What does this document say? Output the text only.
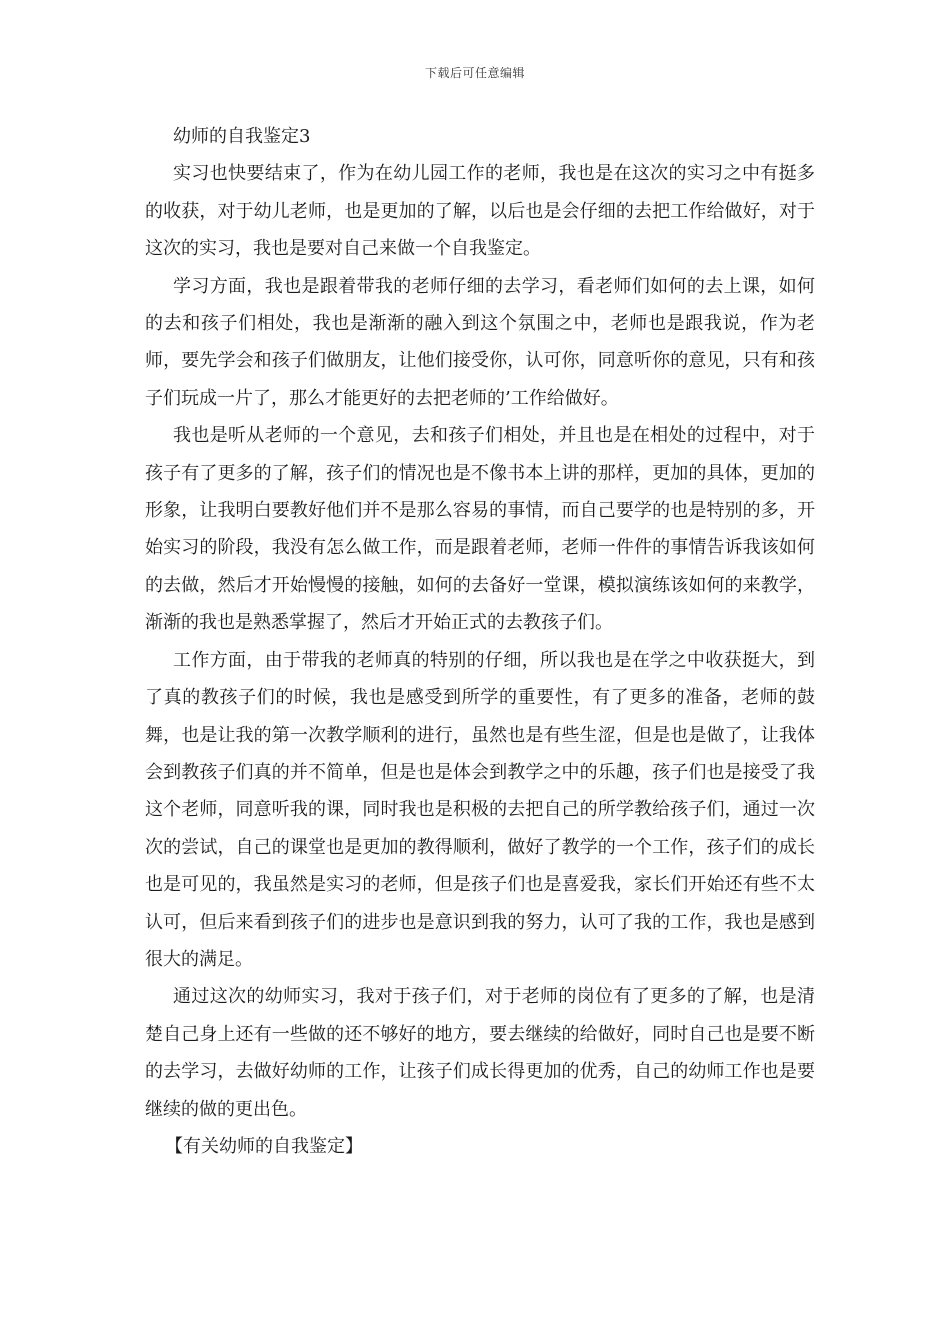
下载后可任意编辑

幼师的自我鉴定3

实习也快要结束了，作为在幼儿园工作的老师，我也是在这次的实习之中有挺多的收获，对于幼儿老师，也是更加的了解，以后也是会仔细的去把工作给做好，对于这次的实习，我也是要对自己来做一个自我鉴定。

学习方面，我也是跟着带我的老师仔细的去学习，看老师们如何的去上课，如何的去和孩子们相处，我也是渐渐的融入到这个氛围之中，老师也是跟我说，作为老师，要先学会和孩子们做朋友，让他们接受你，认可你，同意听你的意见，只有和孩子们玩成一片了，那么才能更好的去把老师的’工作给做好。

我也是听从老师的一个意见，去和孩子们相处，并且也是在相处的过程中，对于孩子有了更多的了解，孩子们的情况也是不像书本上讲的那样，更加的具体，更加的形象，让我明白要教好他们并不是那么容易的事情，而自己要学的也是特别的多，开始实习的阶段，我没有怎么做工作，而是跟着老师，老师一件件的事情告诉我该如何的去做，然后才开始慢慢的接触，如何的去备好一堂课，模拟演练该如何的来教学，渐渐的我也是熟悉掌握了，然后才开始正式的去教孩子们。

工作方面，由于带我的老师真的特别的仔细，所以我也是在学之中收获挺大，到了真的教孩子们的时候，我也是感受到所学的重要性，有了更多的准备，老师的鼓舞，也是让我的第一次教学顺利的进行，虽然也是有些生涩，但是也是做了，让我体会到教孩子们真的并不简单，但是也是体会到教学之中的乐趣，孩子们也是接受了我这个老师，同意听我的课，同时我也是积极的去把自己的所学教给孩子们，通过一次次的尝试，自己的课堂也是更加的教得顺利，做好了教学的一个工作，孩子们的成长也是可见的，我虽然是实习的老师，但是孩子们也是喜爱我，家长们开始还有些不太认可，但后来看到孩子们的进步也是意识到我的努力，认可了我的工作，我也是感到很大的满足。

通过这次的幼师实习，我对于孩子们，对于老师的岗位有了更多的了解，也是清楚自己身上还有一些做的还不够好的地方，要去继续的给做好，同时自己也是要不断的去学习，去做好幼师的工作，让孩子们成长得更加的优秀，自己的幼师工作也是要继续的做的更出色。

【有关幼师的自我鉴定】
